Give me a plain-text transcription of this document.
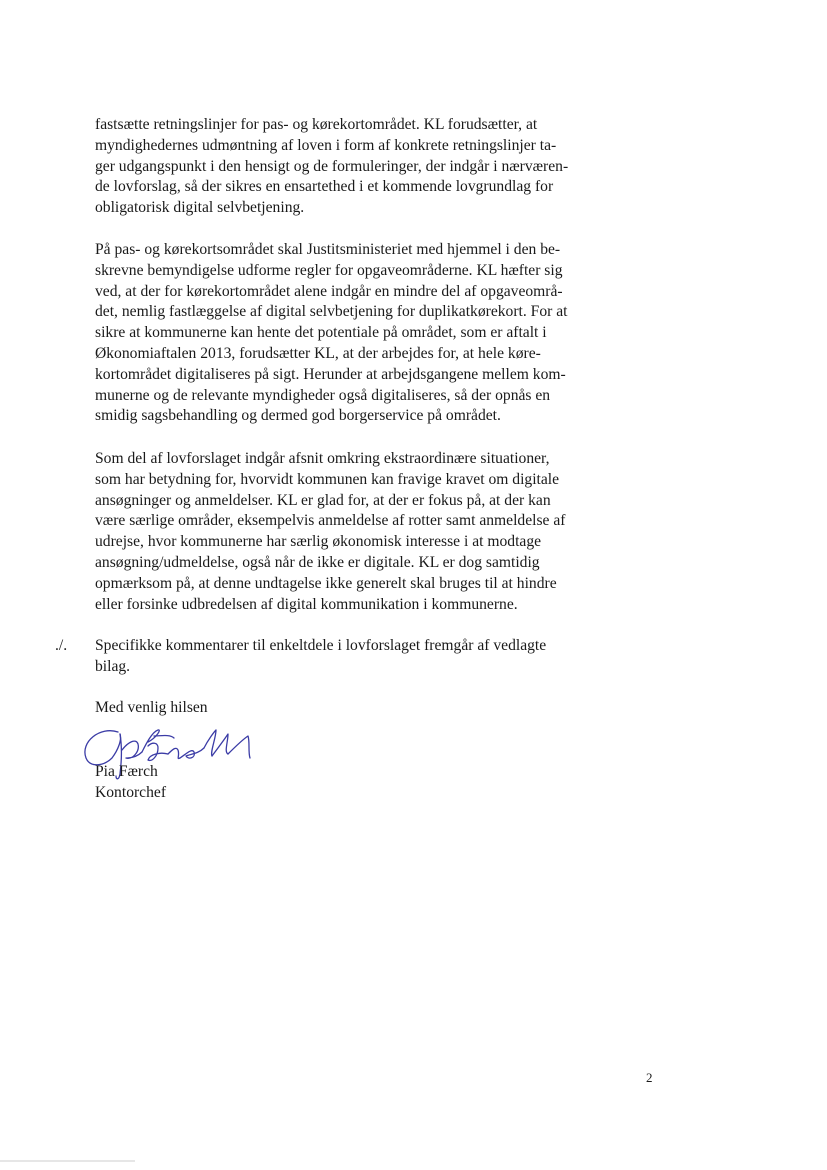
fastsætte retningslinjer for pas- og kørekortområdet. KL forudsætter, at
myndighedernes udmøntning af loven i form af konkrete retningslinjer ta-
ger udgangspunkt i den hensigt og de formuleringer, der indgår i nærværen-
de lovforslag, så der sikres en ensartethed i et kommende lovgrundlag for
obligatorisk digital selvbetjening.
På pas- og kørekortsområdet skal Justitsministeriet med hjemmel i den be-
skrevne bemyndigelse udforme regler for opgaveområderne. KL hæfter sig
ved, at der for kørekortområdet alene indgår en mindre del af opgaveområ-
det, nemlig fastlæggelse af digital selvbetjening for duplikatkørekort. For at
sikre at kommunerne kan hente det potentiale på området, som er aftalt i
Økonomiaftalen 2013, forudsætter KL, at der arbejdes for, at hele køre-
kortområdet digitaliseres på sigt. Herunder at arbejdsgangene mellem kom-
munerne og de relevante myndigheder også digitaliseres, så der opnås en
smidig sagsbehandling og dermed god borgerservice på området.
Som del af lovforslaget indgår afsnit omkring ekstraordinære situationer,
som har betydning for, hvorvidt kommunen kan fravige kravet om digitale
ansøgninger og anmeldelser. KL er glad for, at der er fokus på, at der kan
være særlige områder, eksempelvis anmeldelse af rotter samt anmeldelse af
udrejse, hvor kommunerne har særlig økonomisk interesse i at modtage
ansøgning/udmeldelse, også når de ikke er digitale. KL er dog samtidig
opmærksom på, at denne undtagelse ikke generelt skal bruges til at hindre
eller forsinke udbredelsen af digital kommunikation i kommunerne.

./. Specifikke kommentarer til enkeltdele i lovforslaget fremgår af vedlagte
bilag.

Med venlig hilsen

Pia Færch

Kontorchef

2
